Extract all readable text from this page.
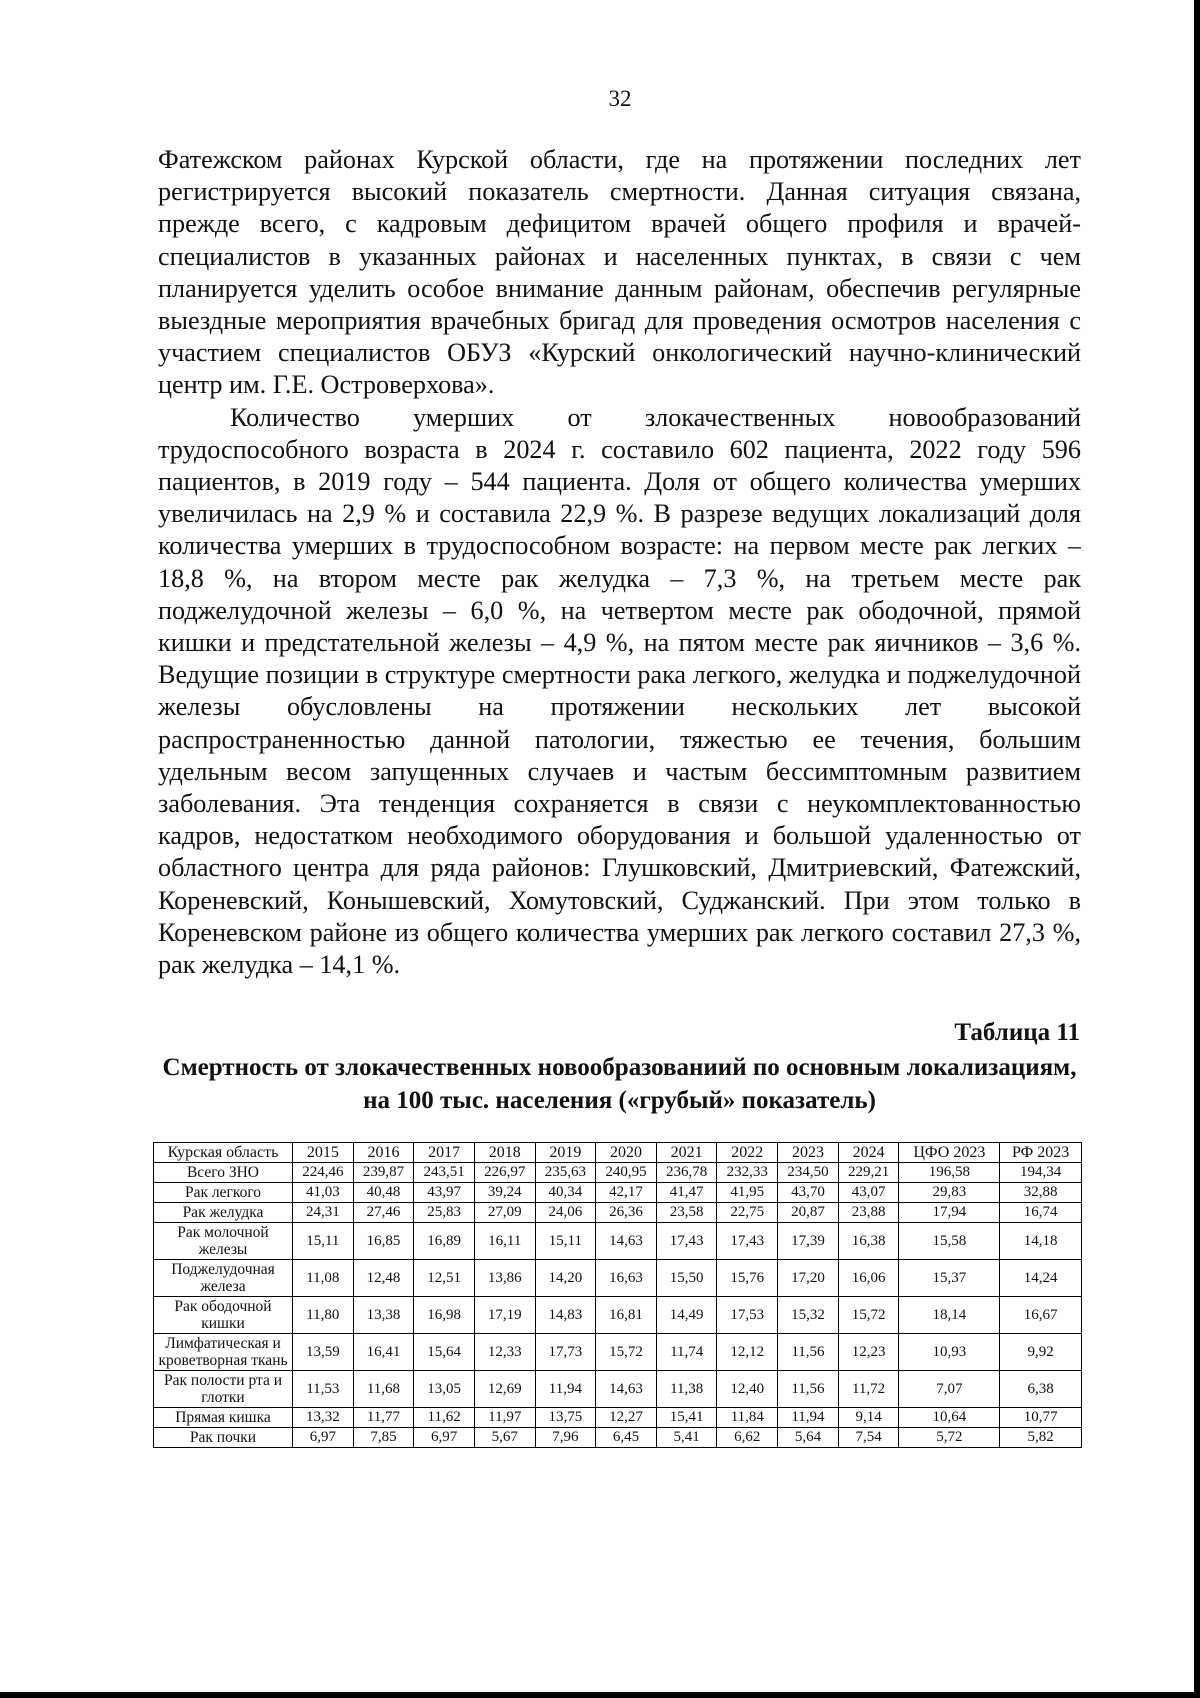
32

Фатежском районах Курской области, где на протяжении последних лет регистрируется высокий показатель смертности. Данная ситуация связана, прежде всего, с кадровым дефицитом врачей общего профиля и врачей-специалистов в указанных районах и населенных пунктах, в связи с чем планируется уделить особое внимание данным районам, обеспечив регулярные выездные мероприятия врачебных бригад для проведения осмотров населения с участием специалистов ОБУЗ «Курский онкологический научно-клинический центр им. Г.Е. Островерхова».

Количество умерших от злокачественных новообразований трудоспособного возраста в 2024 г. составило 602 пациента, 2022 году 596 пациентов, в 2019 году – 544 пациента. Доля от общего количества умерших увеличилась на 2,9 % и составила 22,9 %. В разрезе ведущих локализаций доля количества умерших в трудоспособном возрасте: на первом месте рак легких – 18,8 %, на втором месте рак желудка – 7,3 %, на третьем месте рак поджелудочной железы – 6,0 %, на четвертом месте рак ободочной, прямой кишки и предстательной железы – 4,9 %, на пятом месте рак яичников – 3,6 %. Ведущие позиции в структуре смертности рака легкого, желудка и поджелудочной железы обусловлены на протяжении нескольких лет высокой распространенностью данной патологии, тяжестью ее течения, большим удельным весом запущенных случаев и частым бессимптомным развитием заболевания. Эта тенденция сохраняется в связи с неукомплектованностью кадров, недостатком необходимого оборудования и большой удаленностью от областного центра для ряда районов: Глушковский, Дмитриевский, Фатежский, Кореневский, Конышевский, Хомутовский, Суджанский. При этом только в Кореневском районе из общего количества умерших рак легкого составил 27,3 %, рак желудка – 14,1 %.

Таблица 11
Смертность от злокачественных новообразованиий по основным локализациям, на 100 тыс. населения («грубый» показатель)
Курская область	2015	2016	2017	2018	2019	2020	2021	2022	2023	2024	ЦФО 2023	РФ 2023
Всего ЗНО	224,46	239,87	243,51	226,97	235,63	240,95	236,78	232,33	234,50	229,21	196,58	194,34
Рак легкого	41,03	40,48	43,97	39,24	40,34	42,17	41,47	41,95	43,70	43,07	29,83	32,88
Рак желудка	24,31	27,46	25,83	27,09	24,06	26,36	23,58	22,75	20,87	23,88	17,94	16,74
Рак молочной железы	15,11	16,85	16,89	16,11	15,11	14,63	17,43	17,43	17,39	16,38	15,58	14,18
Поджелудочная железа	11,08	12,48	12,51	13,86	14,20	16,63	15,50	15,76	17,20	16,06	15,37	14,24
Рак ободочной кишки	11,80	13,38	16,98	17,19	14,83	16,81	14,49	17,53	15,32	15,72	18,14	16,67
Лимфатическая и кроветворная ткань	13,59	16,41	15,64	12,33	17,73	15,72	11,74	12,12	11,56	12,23	10,93	9,92
Рак полости рта и глотки	11,53	11,68	13,05	12,69	11,94	14,63	11,38	12,40	11,56	11,72	7,07	6,38
Прямая кишка	13,32	11,77	11,62	11,97	13,75	12,27	15,41	11,84	11,94	9,14	10,64	10,77
Рак почки	6,97	7,85	6,97	5,67	7,96	6,45	5,41	6,62	5,64	7,54	5,72	5,82
